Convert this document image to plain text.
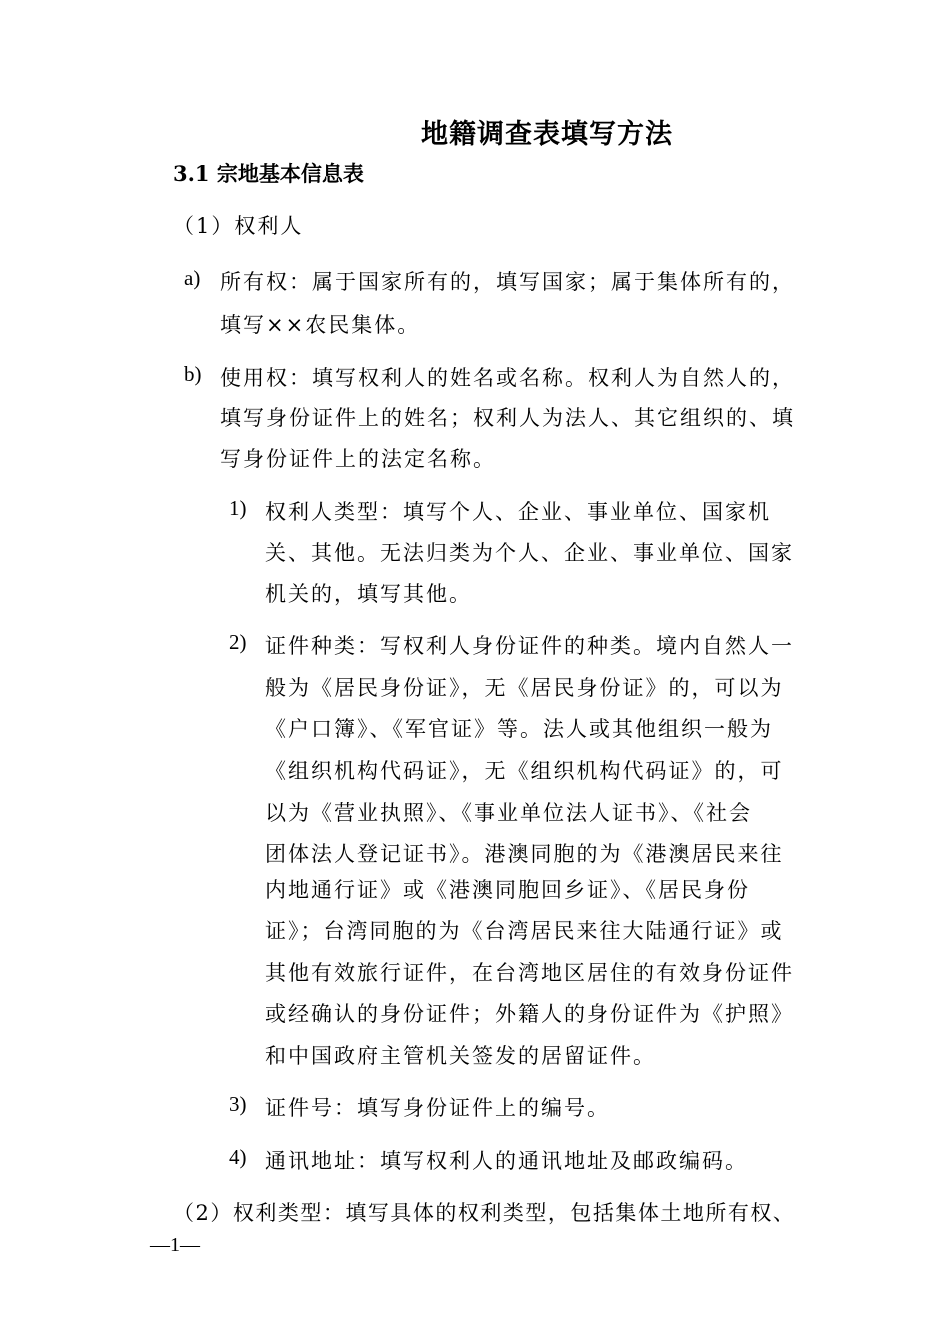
地籍调查表填写方法
3.1 宗地基本信息表
（1）权利人
a) 所有权：属于国家所有的，填写国家；属于集体所有的，
填写××农民集体。
b) 使用权：填写权利人的姓名或名称。权利人为自然人的，
填写身份证件上的姓名；权利人为法人、其它组织的、填
写身份证件上的法定名称。
1) 权利人类型：填写个人、企业、事业单位、国家机
关、其他。无法归类为个人、企业、事业单位、国家
机关的，填写其他。
2) 证件种类：写权利人身份证件的种类。境内自然人一
般为《居民身份证》，无《居民身份证》的，可以为
《户口簿》、《军官证》等。法人或其他组织一般为
《组织机构代码证》，无《组织机构代码证》的，可
以为《营业执照》、《事业单位法人证书》、《社会
团体法人登记证书》。港澳同胞的为《港澳居民来往
内地通行证》或《港澳同胞回乡证》、《居民身份
证》；台湾同胞的为《台湾居民来往大陆通行证》或
其他有效旅行证件，在台湾地区居住的有效身份证件
或经确认的身份证件；外籍人的身份证件为《护照》
和中国政府主管机关签发的居留证件。
3) 证件号：填写身份证件上的编号。
4) 通讯地址：填写权利人的通讯地址及邮政编码。
（2）权利类型：填写具体的权利类型，包括集体土地所有权、
—1—
